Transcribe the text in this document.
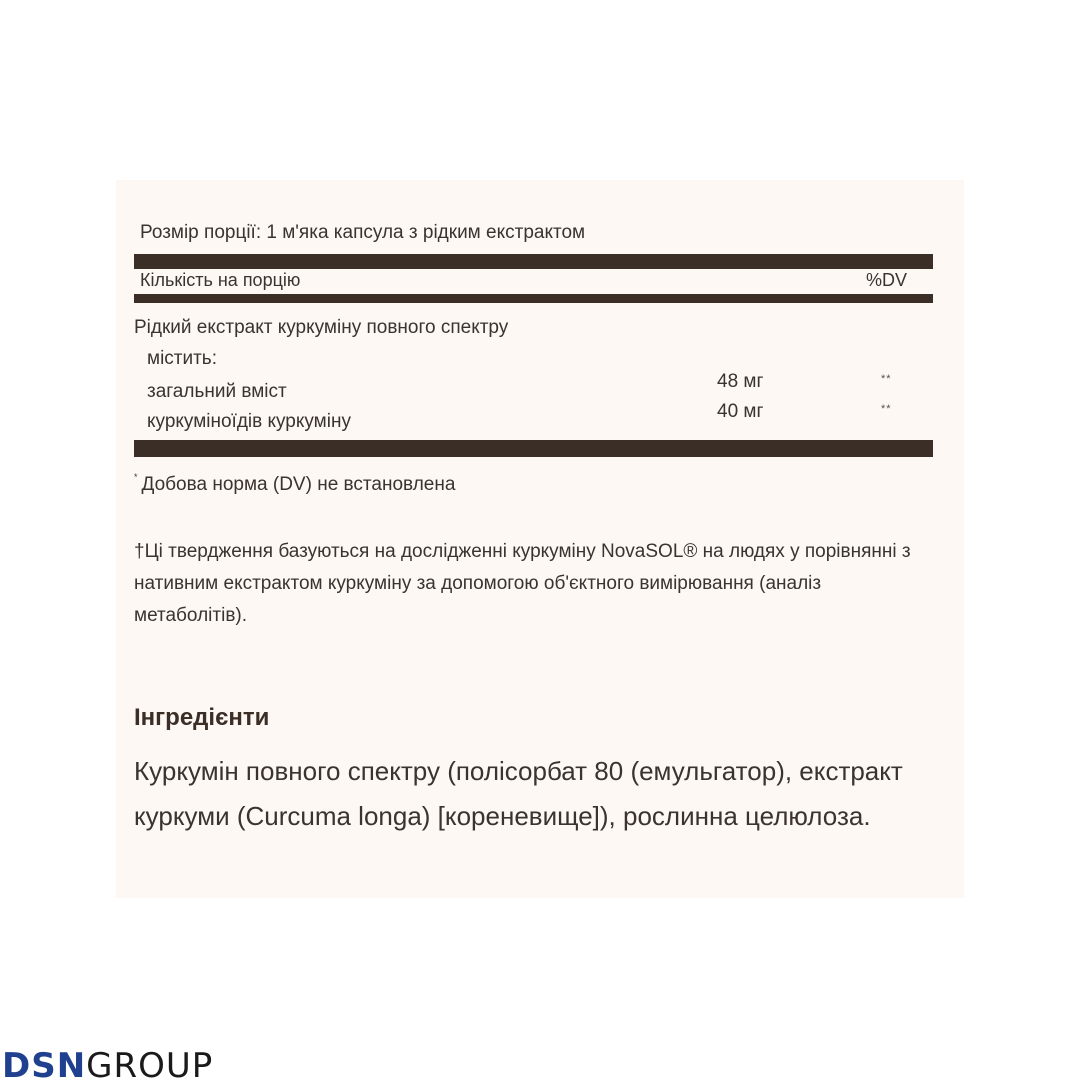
Розмір порції: 1 м'яка капсула з рідким екстрактом
Кількість на порцію	%DV
Рідкий екстракт куркуміну повного спектру
містить:
загальний вміст
куркуміноїдів куркуміну
48 мг
40 мг
**
**
* Добова норма (DV) не встановлена
†Ці твердження базуються на дослідженні куркуміну NovaSOL® на людях у порівнянні з нативним екстрактом куркуміну за допомогою об'єктного вимірювання (аналіз метаболітів).
Інгредієнти
Куркумін повного спектру (полісорбат 80 (емульгатор), екстракт куркуми (Curcuma longa) [кореневище]), рослинна целюлоза.
DSNGROUP
